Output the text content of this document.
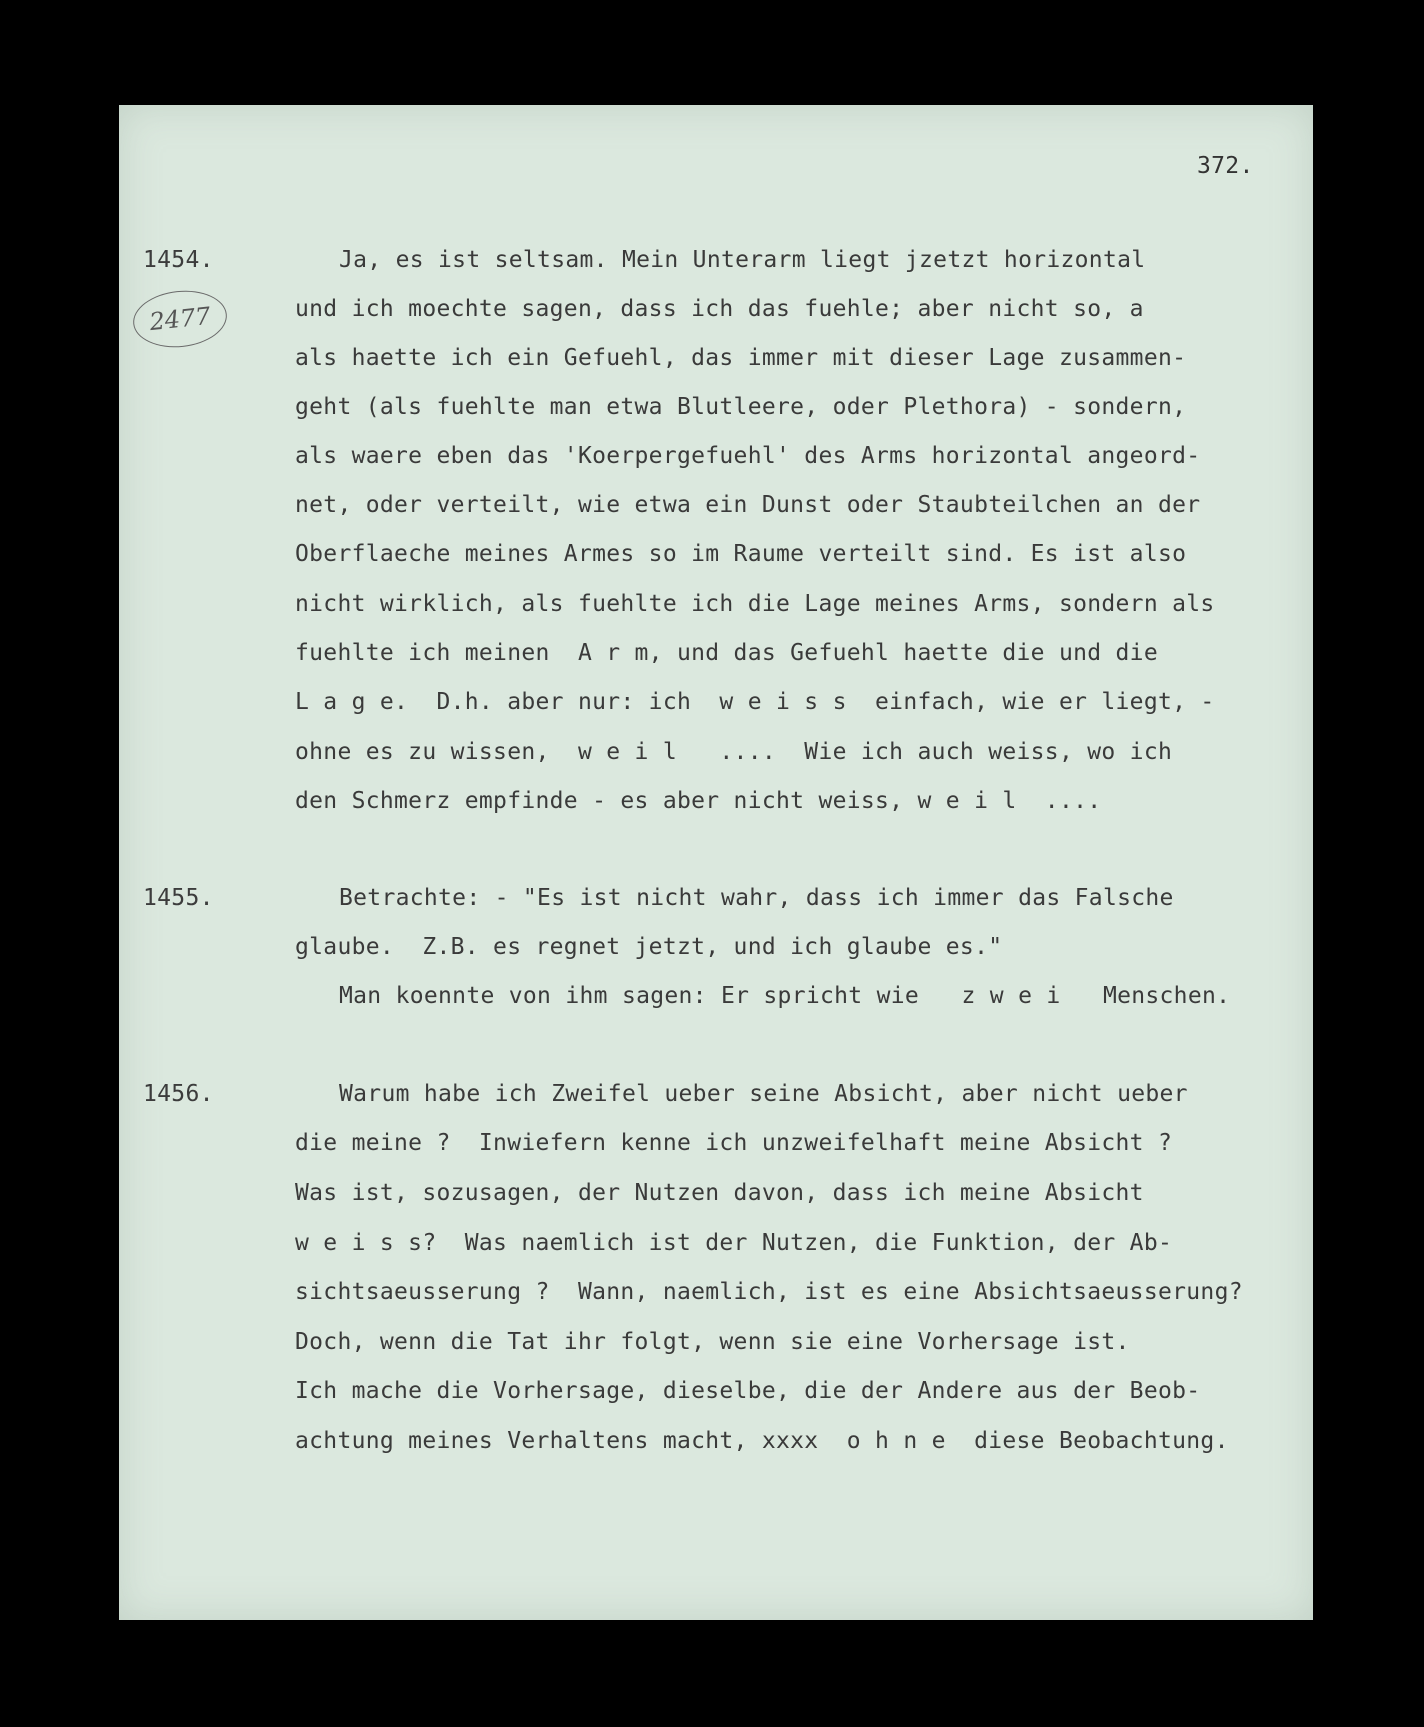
372.
2477
1454.	Ja, es ist seltsam. Mein Unterarm liegt jzetzt horizontal
und ich moechte sagen, dass ich das fuehle; aber nicht so, a
als haette ich ein Gefuehl, das immer mit dieser Lage zusammen-
geht (als fuehlte man etwa Blutleere, oder Plethora) - sondern,
als waere eben das 'Koerpergefuehl' des Arms horizontal angeord-
net, oder verteilt, wie etwa ein Dunst oder Staubteilchen an der
Oberflaeche meines Armes so im Raume verteilt sind. Es ist also
nicht wirklich, als fuehlte ich die Lage meines Arms, sondern als
fuehlte ich meinen  A r m, und das Gefuehl haette die und die
L a g e.  D.h. aber nur: ich  w e i s s  einfach, wie er liegt, -
ohne es zu wissen,  w e i l   ....  Wie ich auch weiss, wo ich
den Schmerz empfinde - es aber nicht weiss, w e i l  ....
1455.	Betrachte: - "Es ist nicht wahr, dass ich immer das Falsche
glaube.  Z.B. es regnet jetzt, und ich glaube es."
Man koennte von ihm sagen: Er spricht wie   z w e i   Menschen.
1456.	Warum habe ich Zweifel ueber seine Absicht, aber nicht ueber
die meine ?  Inwiefern kenne ich unzweifelhaft meine Absicht ?
Was ist, sozusagen, der Nutzen davon, dass ich meine Absicht
w e i s s?  Was naemlich ist der Nutzen, die Funktion, der Ab-
sichtsaeusserung ?  Wann, naemlich, ist es eine Absichtsaeusserung?
Doch, wenn die Tat ihr folgt, wenn sie eine Vorhersage ist.
Ich mache die Vorhersage, dieselbe, die der Andere aus der Beob-
achtung meines Verhaltens macht, xxxx  o h n e  diese Beobachtung.
